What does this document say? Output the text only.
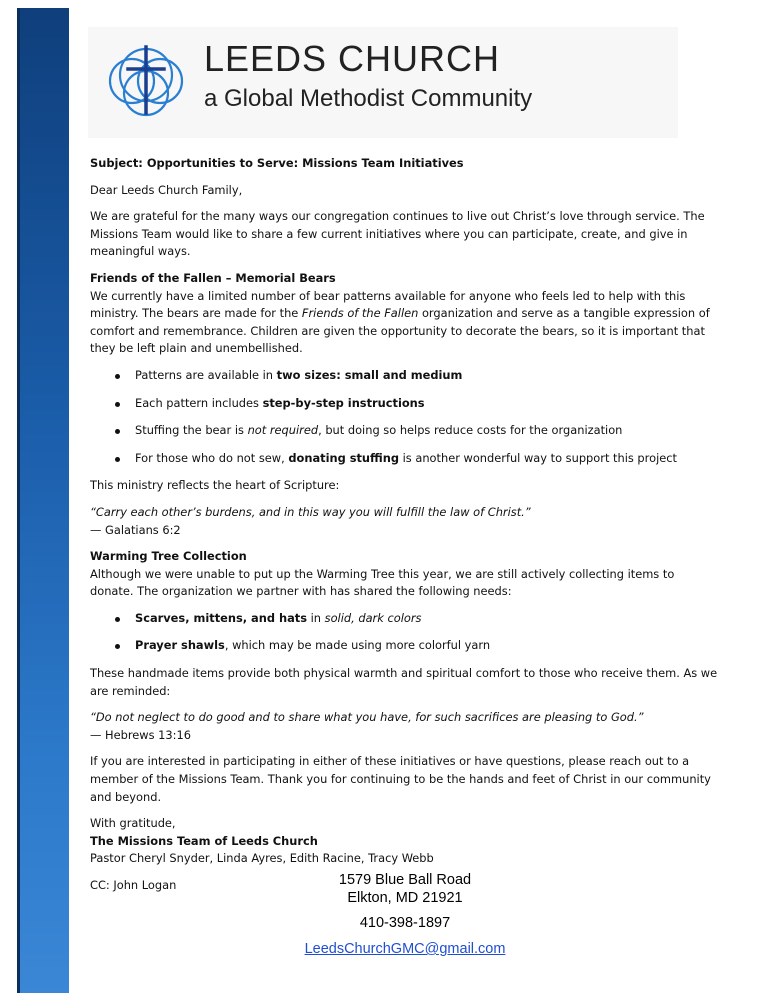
LEEDS CHURCH
a Global Methodist Community

Subject: Opportunities to Serve: Missions Team Initiatives

Dear Leeds Church Family,

We are grateful for the many ways our congregation continues to live out Christ’s love through service. The Missions Team would like to share a few current initiatives where you can participate, create, and give in meaningful ways.

Friends of the Fallen – Memorial Bears

We currently have a limited number of bear patterns available for anyone who feels led to help with this ministry. The bears are made for the Friends of the Fallen organization and serve as a tangible expression of comfort and remembrance. Children are given the opportunity to decorate the bears, so it is important that they be left plain and unembellished.

Patterns are available in two sizes: small and medium
Each pattern includes step-by-step instructions
Stuffing the bear is not required, but doing so helps reduce costs for the organization
For those who do not sew, donating stuffing is another wonderful way to support this project

This ministry reflects the heart of Scripture:

“Carry each other’s burdens, and in this way you will fulfill the law of Christ.”

— Galatians 6:2

Warming Tree Collection

Although we were unable to put up the Warming Tree this year, we are still actively collecting items to donate. The organization we partner with has shared the following needs:

Scarves, mittens, and hats in solid, dark colors
Prayer shawls, which may be made using more colorful yarn

These handmade items provide both physical warmth and spiritual comfort to those who receive them. As we are reminded:

“Do not neglect to do good and to share what you have, for such sacrifices are pleasing to God.”

— Hebrews 13:16

If you are interested in participating in either of these initiatives or have questions, please reach out to a member of the Missions Team. Thank you for continuing to be the hands and feet of Christ in our community and beyond.

With gratitude,

The Missions Team of Leeds Church

Pastor Cheryl Snyder, Linda Ayres, Edith Racine, Tracy Webb

CC: John Logan	1579 Blue Ball Road
Elkton, MD 21921
410-398-1897
LeedsChurchGMC@gmail.com
